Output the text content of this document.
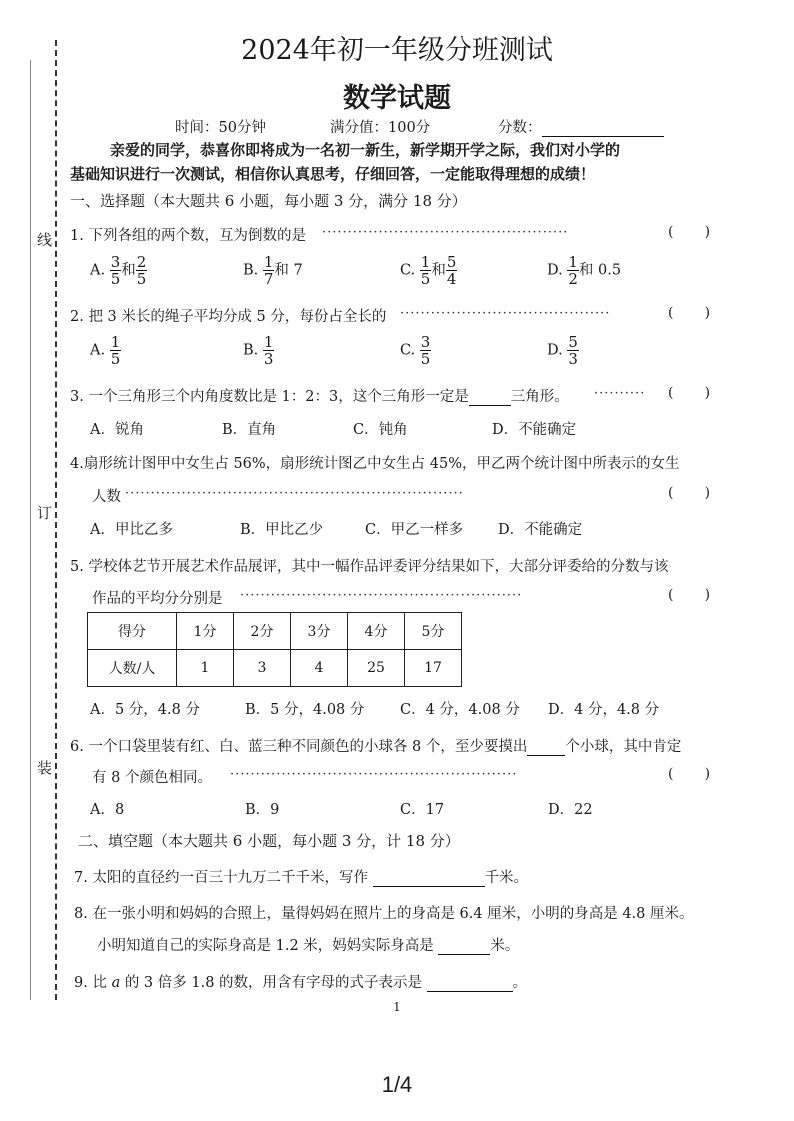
线
订
装
2024年初一年级分班测试
数学试题
时间：50分钟	满分值：100分	分数：
亲爱的同学，恭喜你即将成为一名初一新生，新学期开学之际，我们对小学的
基础知识进行一次测试，相信你认真思考，仔细回答，一定能取得理想的成绩！
一、选择题（本大题共 6 小题，每小题 3 分，满分 18 分）
1. 下列各组的两个数，互为倒数的是 ················································	(       )
A. $\frac{3}{5}$ 和 $\frac{2}{5}$	B. $\frac{1}{7}$ 和 7	C. $\frac{1}{5}$ 和 $\frac{5}{4}$	D. $\frac{1}{2}$ 和 0.5
2. 把 3 米长的绳子平均分成 5 分，每份占全长的 ·········································	(       )
A. $\frac{1}{5}$	B. $\frac{1}{3}$	C. $\frac{3}{5}$	D. $\frac{5}{3}$
3. 一个三角形三个内角度数比是 1：2：3，这个三角形一定是	三角形。 ·········· (       )
A．锐角	B．直角	C．钝角	D．不能确定
4.扇形统计图甲中女生占 56%，扇形统计图乙中女生占 45%，甲乙两个统计图中所表示的女生
人数 ··································································	(       )
A．甲比乙多	B．甲比乙少	C．甲乙一样多 D．不能确定
5. 学校体艺节开展艺术作品展评，其中一幅作品评委评分结果如下，大部分评委给的分数与该
作品的平均分分别是 ·······················································	(       )
得分	1分	2分	3分	4分	5分
人数/人	1	3	4	25	17
A．5 分，4.8 分	B．5 分，4.08 分 C．4 分，4.08 分 D．4 分，4.8 分
6. 一个口袋里装有红、白、蓝三种不同颜色的小球各 8 个，至少要摸出	个小球，其中肯定
有 8 个颜色相同。 ························································	(       )
A．8	B．9	C．17	D．22
二、填空题（本大题共 6 小题，每小题 3 分，计 18 分）
7. 太阳的直径约一百三十九万二千千米，写作	千米。
8. 在一张小明和妈妈的合照上，量得妈妈在照片上的身高是 6.4 厘米，小明的身高是 4.8 厘米。
小明知道自己的实际身高是 1.2 米，妈妈实际身高是	米。
9. 比 a 的 3 倍多 1.8 的数，用含有字母的式子表示是	。
1
1/4
